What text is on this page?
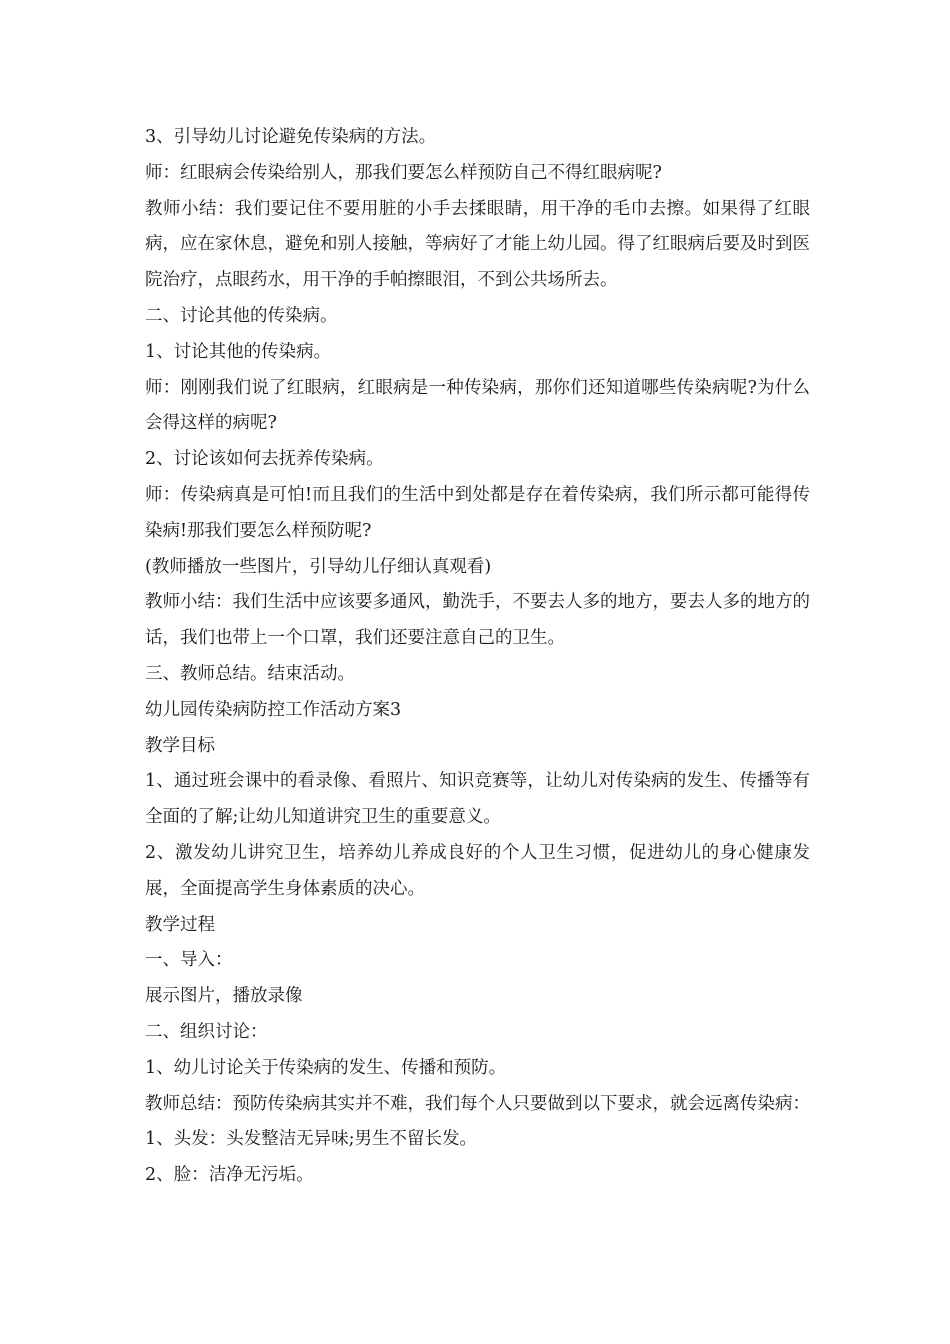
3、引导幼儿讨论避免传染病的方法。
师：红眼病会传染给别人，那我们要怎么样预防自己不得红眼病呢?
教师小结：我们要记住不要用脏的小手去揉眼睛，用干净的毛巾去擦。如果得了红眼病，应在家休息，避免和别人接触，等病好了才能上幼儿园。得了红眼病后要及时到医院治疗，点眼药水，用干净的手帕擦眼泪，不到公共场所去。
二、讨论其他的传染病。
1、讨论其他的传染病。
师：刚刚我们说了红眼病，红眼病是一种传染病，那你们还知道哪些传染病呢?为什么会得这样的病呢?
2、讨论该如何去抚养传染病。
师：传染病真是可怕!而且我们的生活中到处都是存在着传染病，我们所示都可能得传染病!那我们要怎么样预防呢?
(教师播放一些图片，引导幼儿仔细认真观看)
教师小结：我们生活中应该要多通风，勤洗手，不要去人多的地方，要去人多的地方的话，我们也带上一个口罩，我们还要注意自己的卫生。
三、教师总结。结束活动。
幼儿园传染病防控工作活动方案3
教学目标
1、通过班会课中的看录像、看照片、知识竞赛等，让幼儿对传染病的发生、传播等有全面的了解;让幼儿知道讲究卫生的重要意义。
2、激发幼儿讲究卫生，培养幼儿养成良好的个人卫生习惯，促进幼儿的身心健康发展，全面提高学生身体素质的决心。
教学过程
一、导入：
展示图片，播放录像
二、组织讨论：
1、幼儿讨论关于传染病的发生、传播和预防。
教师总结：预防传染病其实并不难，我们每个人只要做到以下要求，就会远离传染病：
1、头发：头发整洁无异味;男生不留长发。
2、脸：洁净无污垢。
